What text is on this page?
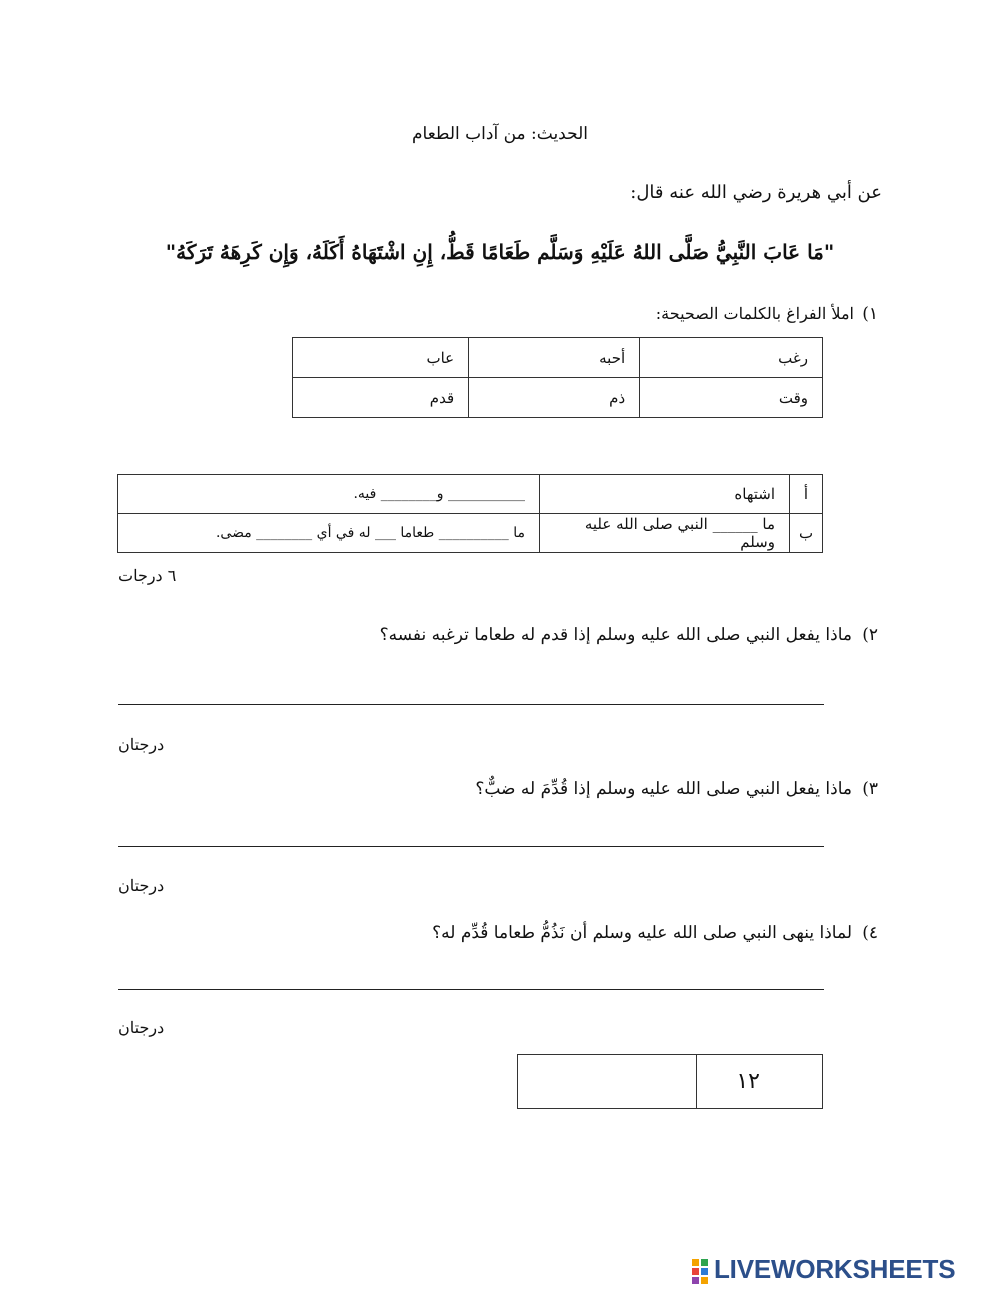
الحديث: من آداب الطعام
عن أبي هريرة رضي الله عنه قال:
"مَا عَابَ النَّبِيُّ صَلَّى اللهُ عَلَيْهِ وَسَلَّم طَعَامًا قَطُّ، إِنِ اشْتَهَاهُ أَكَلَهُ، وَإِن كَرِهَهُ تَرَكَهُ"
١)
املأ الفراغ بالكلمات الصحيحة:
رغب	أحبه	عاب
وقت	ذم	قدم
أ	اشتهاه	___________ و________ فيه.
ب	ما ______ النبي صلى الله عليه وسلم	ما __________ طعاما ___ له في أي ________ مضى.
٦ درجات
٢)
ماذا يفعل النبي صلى الله عليه وسلم إذا قدم له طعاما ترغبه نفسه؟
درجتان
٣)
ماذا يفعل النبي صلى الله عليه وسلم إذا قُدِّمَ له ضبٌّ؟
درجتان
٤)
لماذا ينهى النبي صلى الله عليه وسلم أن نَذُمُّ طعاما قُدِّم له؟
درجتان
	١٢
LIVEWORKSHEETS
